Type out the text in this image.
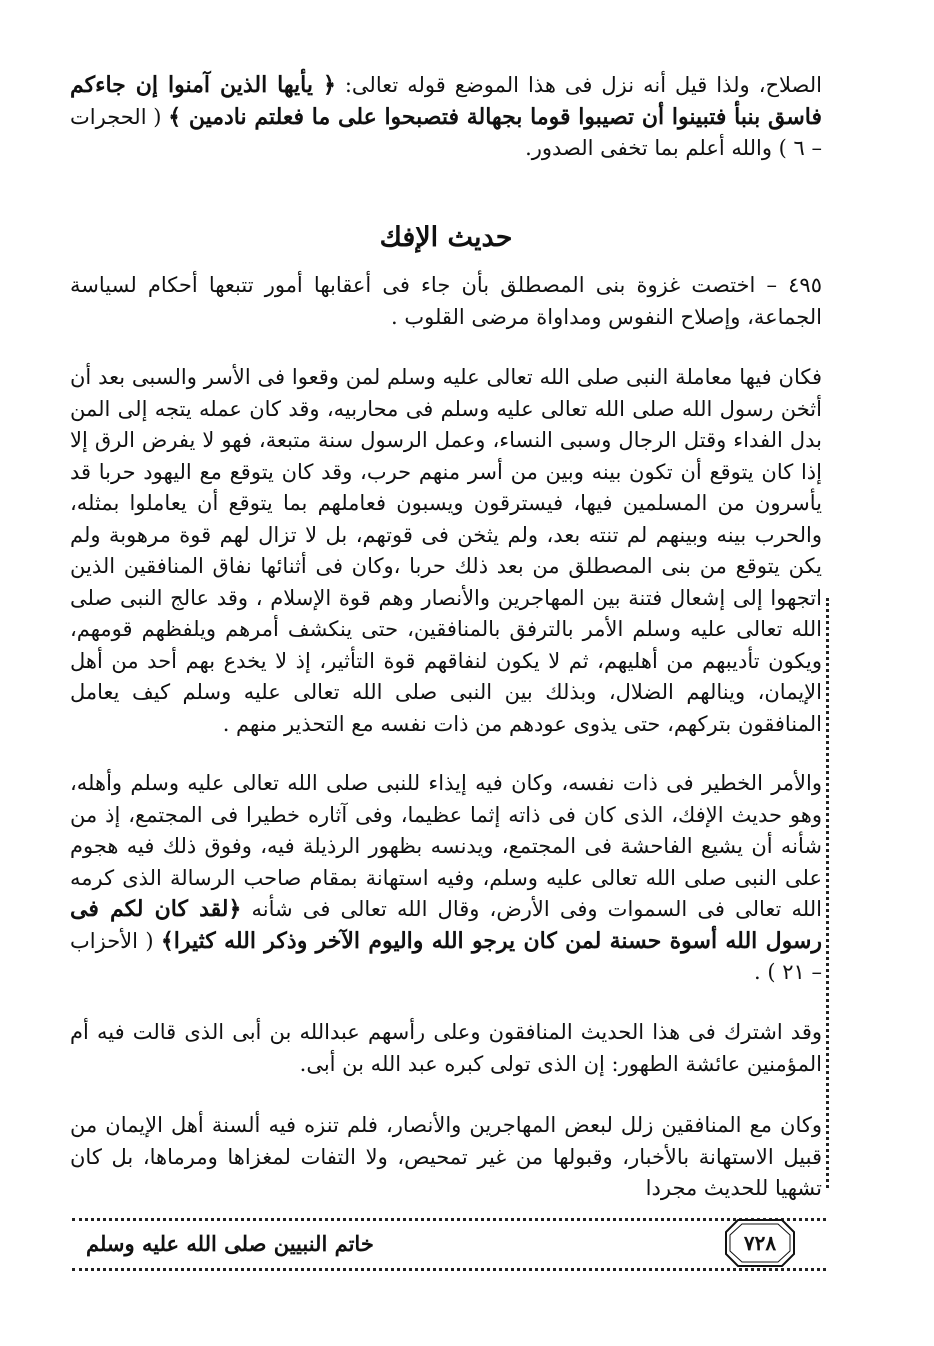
الصلاح، ولذا قيل أنه نزل فى هذا الموضع قوله تعالى: ﴿ يأيها الذين آمنوا إن جاءكم فاسق بنبأ فتبينوا أن تصيبوا قوما بجهالة فتصبحوا على ما فعلتم نادمين ﴾ ( الحجرات – ٦ ) والله أعلم بما تخفى الصدور.

حديث الإفك

٤٩٥ – اختصت غزوة بنى المصطلق بأن جاء فى أعقابها أمور تتبعها أحكام لسياسة الجماعة، وإصلاح النفوس ومداواة مرضى القلوب .

فكان فيها معاملة النبى صلى الله تعالى عليه وسلم لمن وقعوا فى الأسر والسبى بعد أن أثخن رسول الله صلى الله تعالى عليه وسلم فى محاربيه، وقد كان عمله يتجه إلى المن بدل الفداء وقتل الرجال وسبى النساء، وعمل الرسول سنة متبعة، فهو لا يفرض الرق إلا إذا كان يتوقع أن تكون بينه وبين من أسر منهم حرب، وقد كان يتوقع مع اليهود حربا قد يأسرون من المسلمين فيها، فيسترقون ويسبون فعاملهم بما يتوقع أن يعاملوا بمثله، والحرب بينه وبينهم لم تنته بعد، ولم يثخن فى قوتهم، بل لا تزال لهم قوة مرهوبة ولم يكن يتوقع من بنى المصطلق من بعد ذلك حربا ،وكان فى أثنائها نفاق المنافقين الذين اتجهوا إلى إشعال فتنة بين المهاجرين والأنصار وهم قوة الإسلام ، وقد عالج النبى صلى الله تعالى عليه وسلم الأمر بالترفق بالمنافقين، حتى ينكشف أمرهم ويلفظهم قومهم، ويكون تأديبهم من أهليهم، ثم لا يكون لنفاقهم قوة التأثير، إذ لا يخدع بهم أحد من أهل الإيمان، وينالهم الضلال، وبذلك بين النبى صلى الله تعالى عليه وسلم كيف يعامل المنافقون بتركهم، حتى يذوى عودهم من ذات نفسه مع التحذير منهم .

والأمر الخطير فى ذات نفسه، وكان فيه إيذاء للنبى صلى الله تعالى عليه وسلم وأهله، وهو حديث الإفك، الذى كان فى ذاته إثما عظيما، وفى آثاره خطيرا فى المجتمع، إذ من شأنه أن يشيع الفاحشة فى المجتمع، ويدنسه بظهور الرذيلة فيه، وفوق ذلك فيه هجوم على النبى صلى الله تعالى عليه وسلم، وفيه استهانة بمقام صاحب الرسالة الذى كرمه الله تعالى فى السموات وفى الأرض، وقال الله تعالى فى شأنه ﴿لقد كان لكم فى رسول الله أسوة حسنة لمن كان يرجو الله واليوم الآخر وذكر الله كثيرا﴾ ( الأحزاب – ٢١ ) .

وقد اشترك فى هذا الحديث المنافقون وعلى رأسهم عبدالله بن أبى الذى قالت فيه أم المؤمنين عائشة الطهور: إن الذى تولى كبره عبد الله بن أبى.

وكان مع المنافقين زلل لبعض المهاجرين والأنصار، فلم تنزه فيه ألسنة أهل الإيمان من قبيل الاستهانة بالأخبار، وقبولها من غير تمحيص، ولا التفات لمغزاها ومرماها، بل كان تشهيا للحديث مجردا

خاتم النبيين صلى الله عليه وسلم	٧٢٨
